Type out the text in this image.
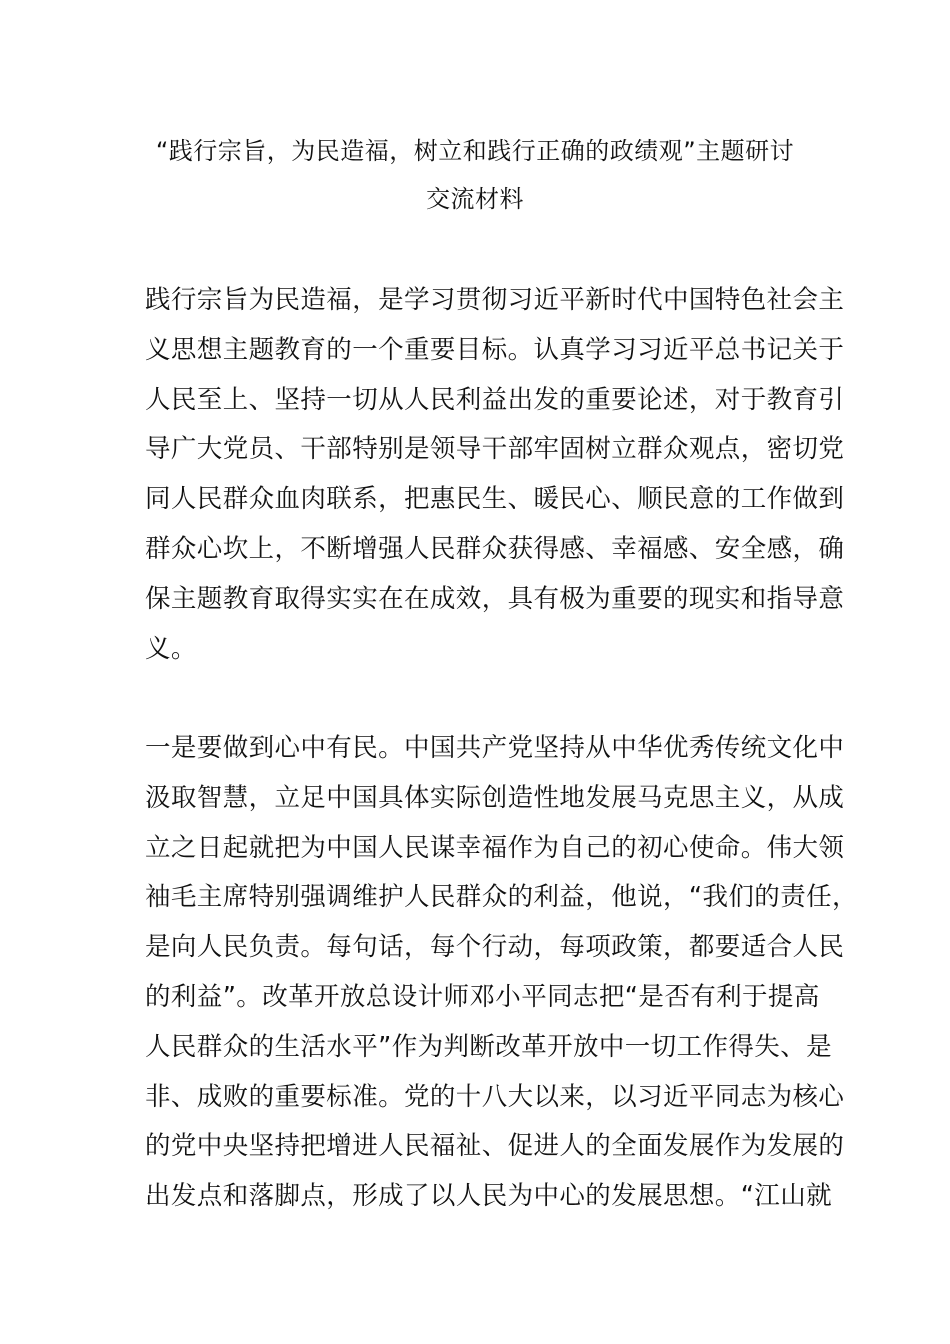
“践行宗旨，为民造福，树立和践行正确的政绩观”主题研讨
交流材料
践行宗旨为民造福，是学习贯彻习近平新时代中国特色社会主
义思想主题教育的一个重要目标。认真学习习近平总书记关于
人民至上、坚持一切从人民利益出发的重要论述，对于教育引
导广大党员、干部特别是领导干部牢固树立群众观点，密切党
同人民群众血肉联系，把惠民生、暖民心、顺民意的工作做到
群众心坎上，不断增强人民群众获得感、幸福感、安全感，确
保主题教育取得实实在在成效，具有极为重要的现实和指导意
义。
一是要做到心中有民。中国共产党坚持从中华优秀传统文化中
汲取智慧，立足中国具体实际创造性地发展马克思主义，从成
立之日起就把为中国人民谋幸福作为自己的初心使命。伟大领
袖毛主席特别强调维护人民群众的利益，他说，“我们的责任，
是向人民负责。每句话，每个行动，每项政策，都要适合人民
的利益”。改革开放总设计师邓小平同志把“是否有利于提高
人民群众的生活水平”作为判断改革开放中一切工作得失、是
非、成败的重要标准。党的十八大以来，以习近平同志为核心
的党中央坚持把增进人民福祉、促进人的全面发展作为发展的
出发点和落脚点，形成了以人民为中心的发展思想。“江山就
